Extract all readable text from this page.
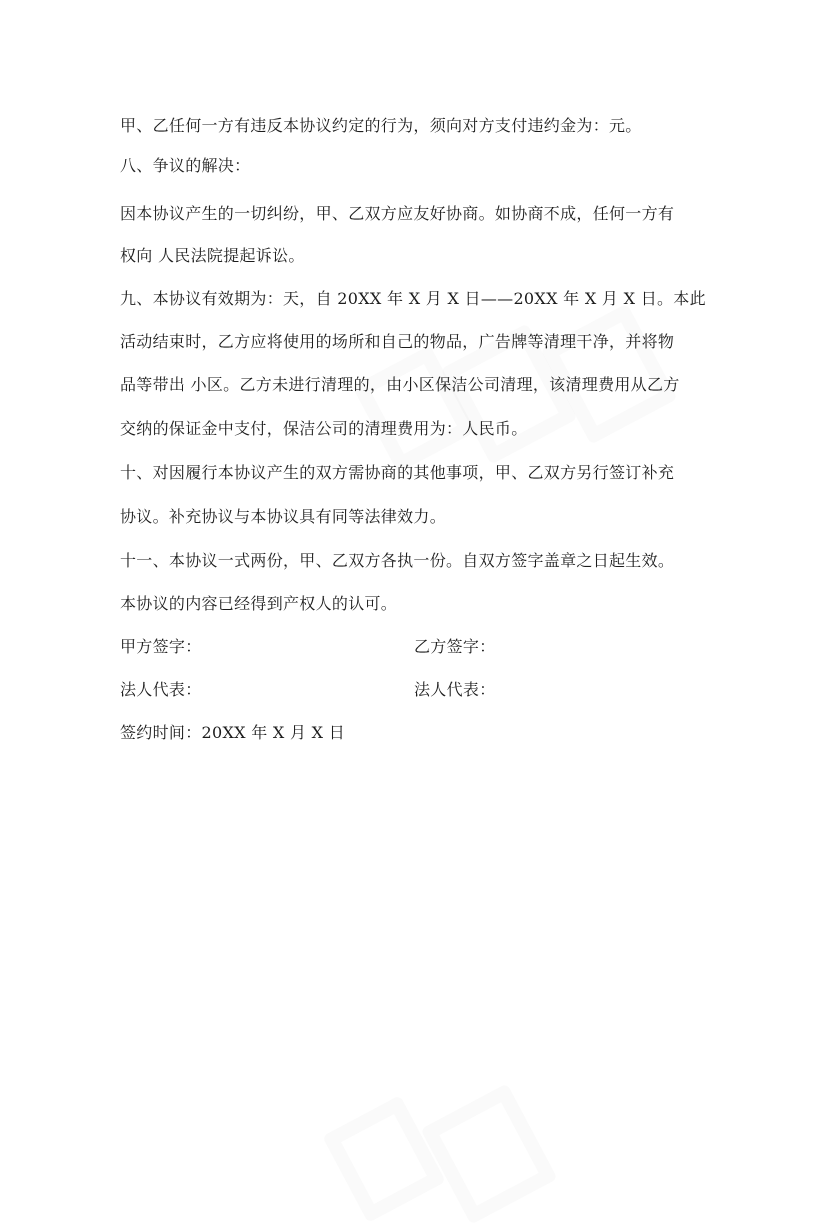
甲、乙任何一方有违反本协议约定的行为，须向对方支付违约金为：元。
八、争议的解决：
因本协议产生的一切纠纷，甲、乙双方应友好协商。如协商不成，任何一方有
权向 人民法院提起诉讼。
九、本协议有效期为：天，自 20XX 年 X 月 X 日——20XX 年 X 月 X 日。本此
活动结束时，乙方应将使用的场所和自己的物品，广告牌等清理干净，并将物
品等带出 小区。乙方未进行清理的，由小区保洁公司清理，该清理费用从乙方
交纳的保证金中支付，保洁公司的清理费用为：人民币。
十、对因履行本协议产生的双方需协商的其他事项，甲、乙双方另行签订补充
协议。补充协议与本协议具有同等法律效力。
十一、本协议一式两份，甲、乙双方各执一份。自双方签字盖章之日起生效。
本协议的内容已经得到产权人的认可。
甲方签字：	乙方签字：
法人代表：	法人代表：
签约时间：20XX 年 X 月 X 日
